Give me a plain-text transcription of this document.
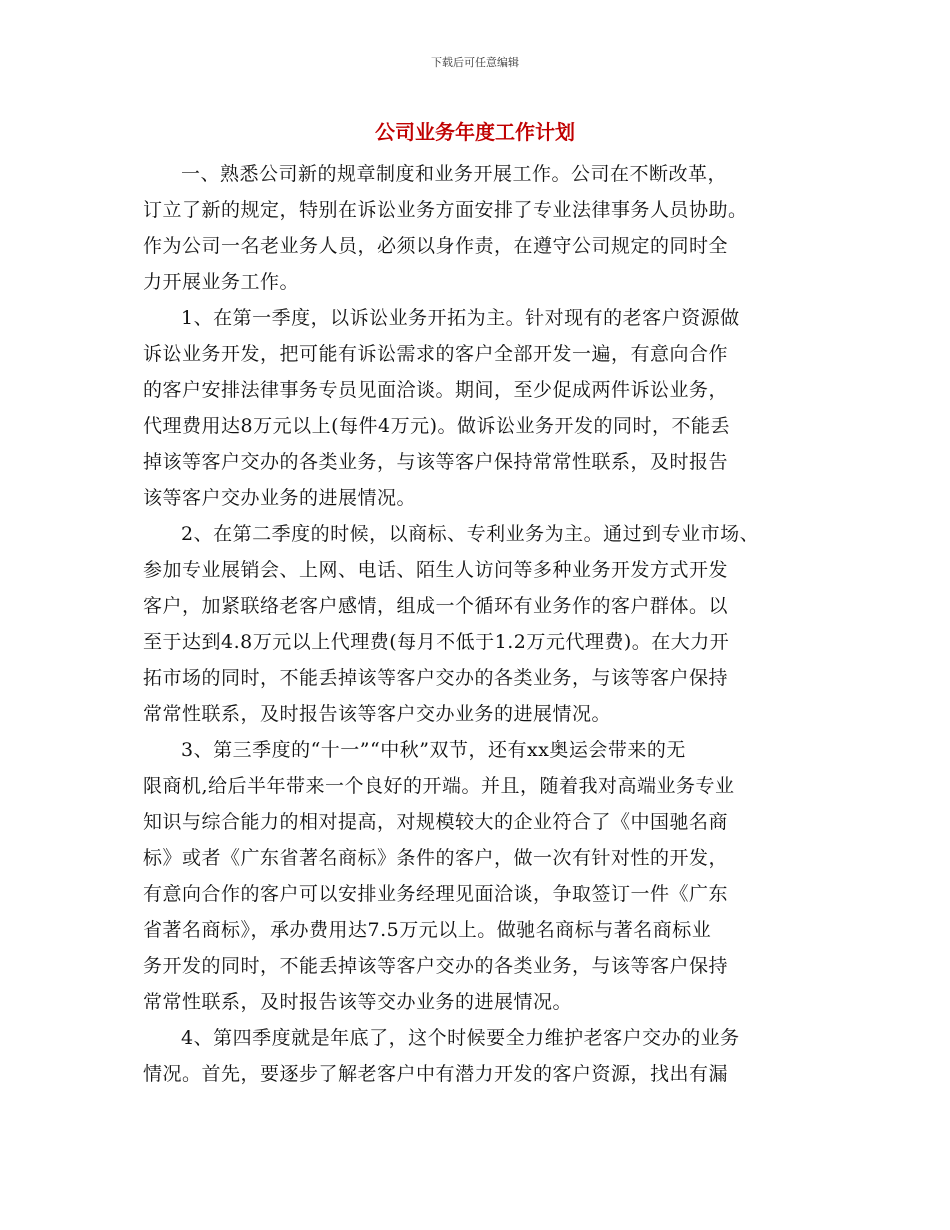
下载后可任意编辑
公司业务年度工作计划
一、熟悉公司新的规章制度和业务开展工作。公司在不断改革，
订立了新的规定，特别在诉讼业务方面安排了专业法律事务人员协助。
作为公司一名老业务人员，必须以身作责，在遵守公司规定的同时全
力开展业务工作。
1、在第一季度，以诉讼业务开拓为主。针对现有的老客户资源做
诉讼业务开发，把可能有诉讼需求的客户全部开发一遍，有意向合作
的客户安排法律事务专员见面洽谈。期间，至少促成两件诉讼业务，
代理费用达8万元以上(每件4万元)。做诉讼业务开发的同时，不能丢
掉该等客户交办的各类业务，与该等客户保持常常性联系，及时报告
该等客户交办业务的进展情况。
2、在第二季度的时候，以商标、专利业务为主。通过到专业市场、
参加专业展销会、上网、电话、陌生人访问等多种业务开发方式开发
客户，加紧联络老客户感情，组成一个循环有业务作的客户群体。以
至于达到4.8万元以上代理费(每月不低于1.2万元代理费)。在大力开
拓市场的同时，不能丢掉该等客户交办的各类业务，与该等客户保持
常常性联系，及时报告该等客户交办业务的进展情况。
3、第三季度的“十一”“中秋”双节，还有xx奥运会带来的无
限商机,给后半年带来一个良好的开端。并且，随着我对高端业务专业
知识与综合能力的相对提高，对规模较大的企业符合了《中国驰名商
标》或者《广东省著名商标》条件的客户，做一次有针对性的开发，
有意向合作的客户可以安排业务经理见面洽谈，争取签订一件《广东
省著名商标》，承办费用达7.5万元以上。做驰名商标与著名商标业
务开发的同时，不能丢掉该等客户交办的各类业务，与该等客户保持
常常性联系，及时报告该等交办业务的进展情况。
4、第四季度就是年底了，这个时候要全力维护老客户交办的业务
情况。首先，要逐步了解老客户中有潜力开发的客户资源，找出有漏
